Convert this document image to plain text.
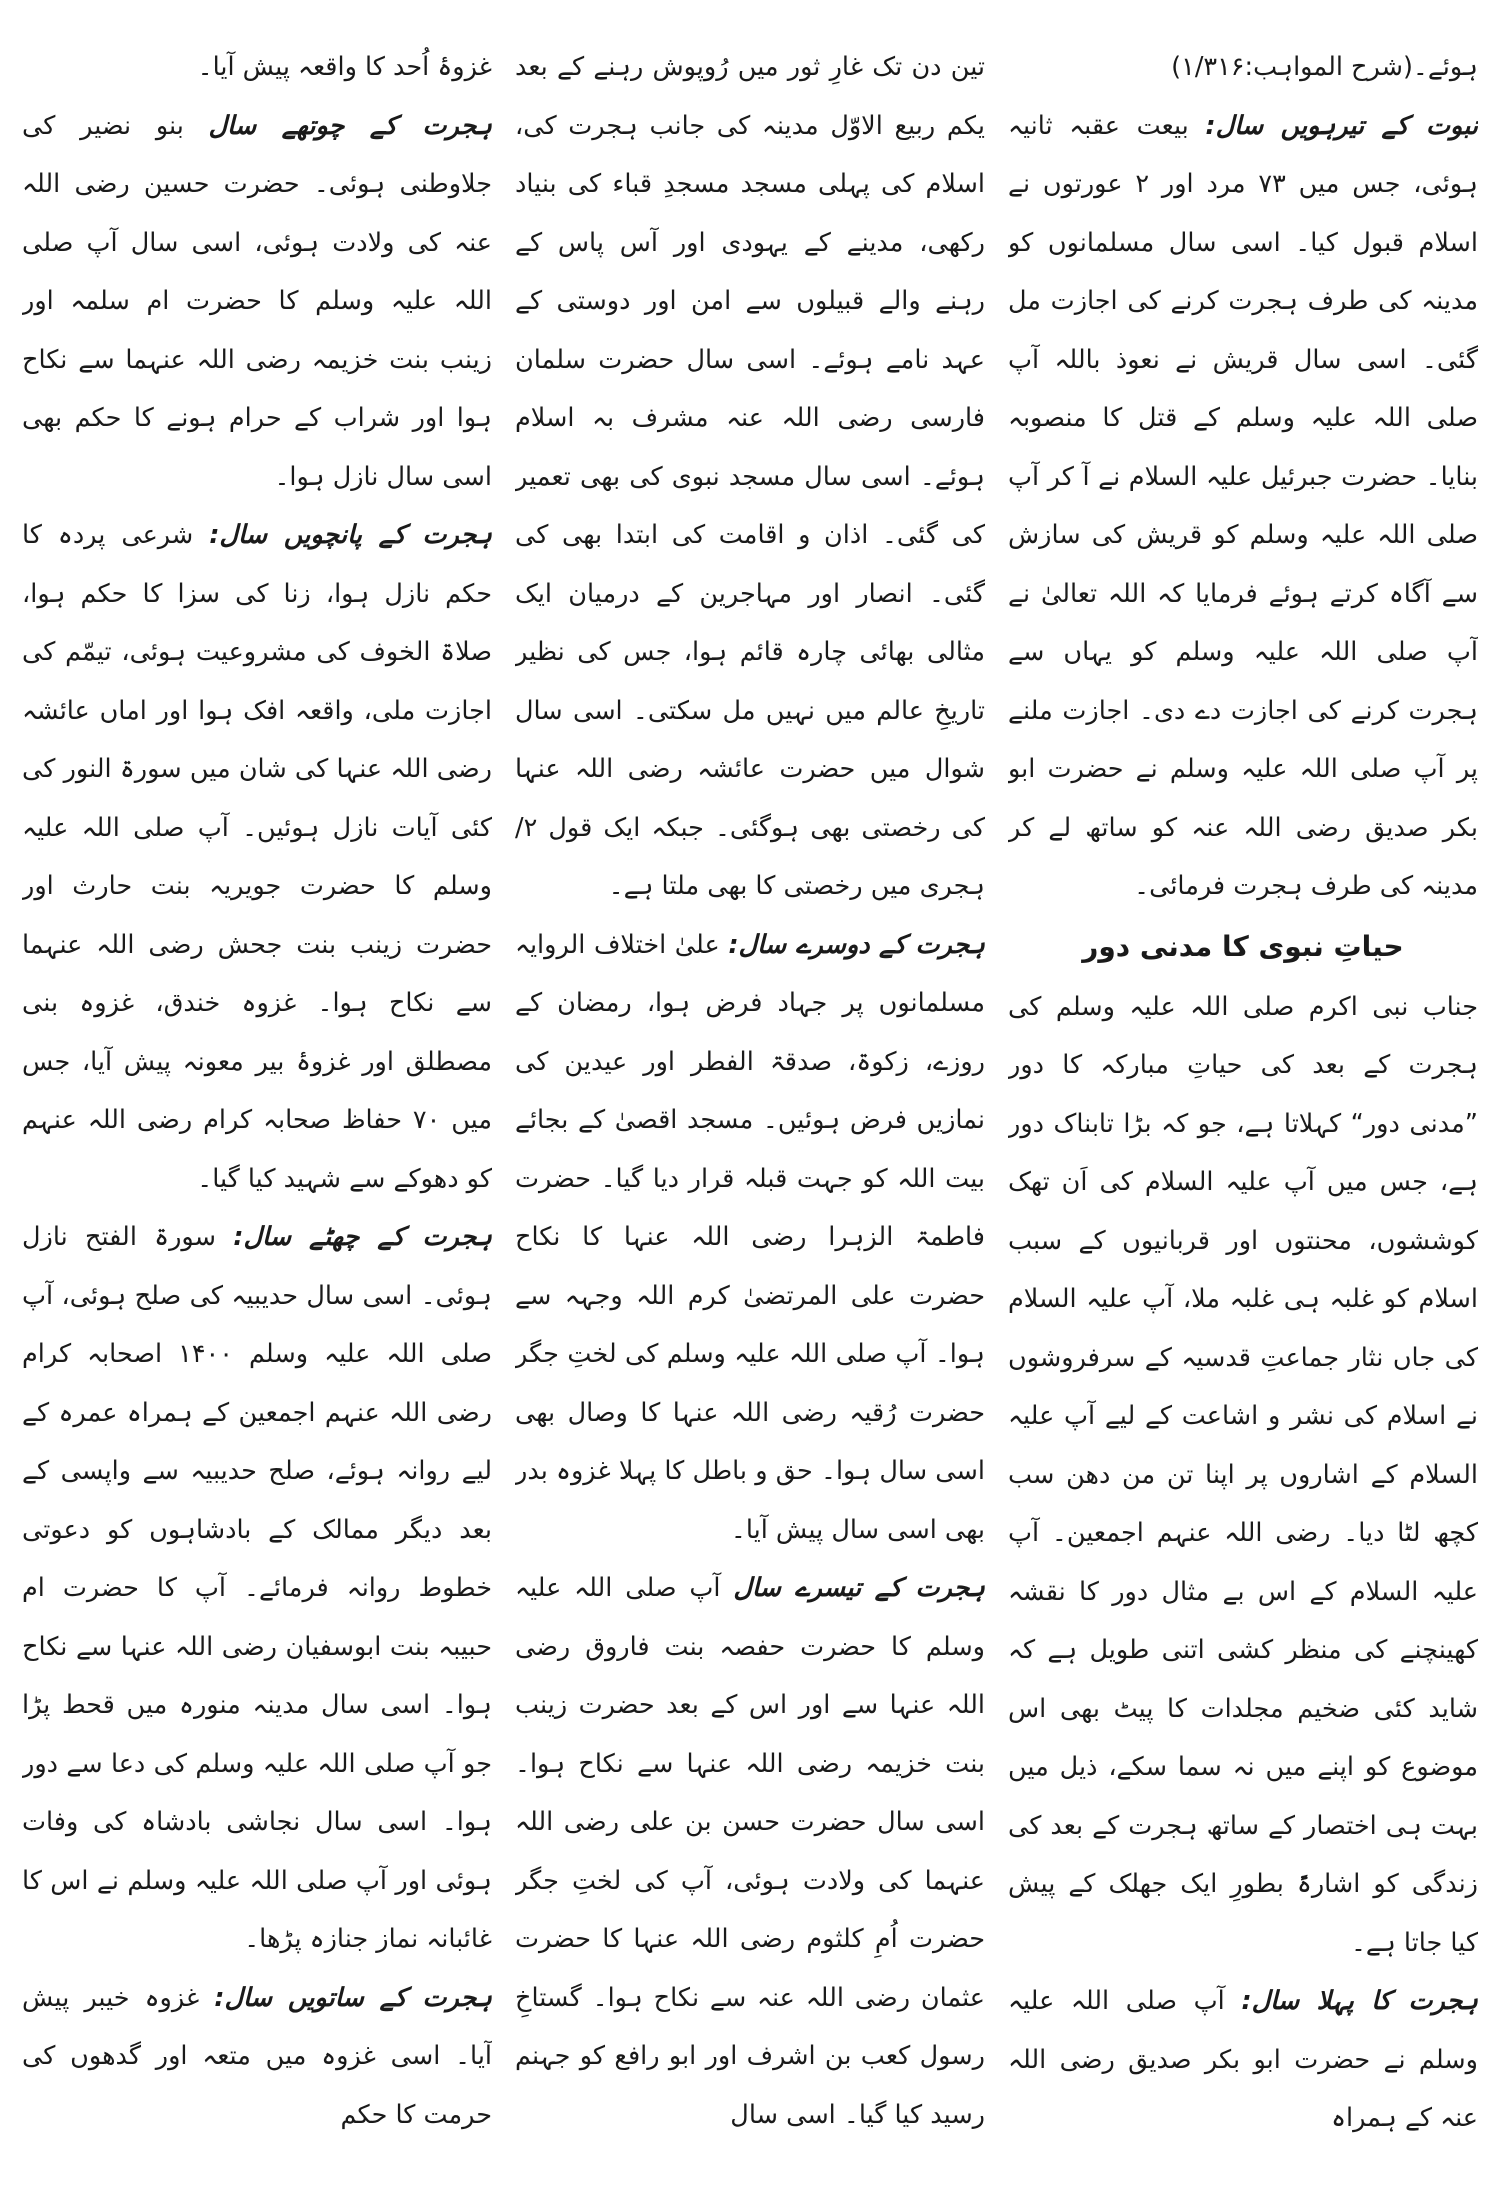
ہوئے۔(شرح المواہب:۱/۳۱۶)

نبوت کے تیرہویں سال: بیعت عقبہ ثانیہ ہوئی، جس میں ۷۳ مرد اور ۲ عورتوں نے اسلام قبول کیا۔ اسی سال مسلمانوں کو مدینہ کی طرف ہجرت کرنے کی اجازت مل گئی۔ اسی سال قریش نے نعوذ باللہ آپ صلی اللہ علیہ وسلم کے قتل کا منصوبہ بنایا۔ حضرت جبرئیل علیہ السلام نے آ کر آپ صلی اللہ علیہ وسلم کو قریش کی سازش سے آگاہ کرتے ہوئے فرمایا کہ اللہ تعالیٰ نے آپ صلی اللہ علیہ وسلم کو یہاں سے ہجرت کرنے کی اجازت دے دی۔ اجازت ملنے پر آپ صلی اللہ علیہ وسلم نے حضرت ابو بکر صدیق رضی اللہ عنہ کو ساتھ لے کر مدینہ کی طرف ہجرت فرمائی۔

حیاتِ نبوی کا مدنی دور

جناب نبی اکرم صلی اللہ علیہ وسلم کی ہجرت کے بعد کی حیاتِ مبارکہ کا دور ”مدنی دور“ کہلاتا ہے، جو کہ بڑا تابناک دور ہے، جس میں آپ علیہ السلام کی اَن تھک کوششوں، محنتوں اور قربانیوں کے سبب اسلام کو غلبہ ہی غلبہ ملا، آپ علیہ السلام کی جاں نثار جماعتِ قدسیہ کے سرفروشوں نے اسلام کی نشر و اشاعت کے لیے آپ علیہ السلام کے اشاروں پر اپنا تن من دھن سب کچھ لٹا دیا۔ رضی اللہ عنہم اجمعین۔ آپ علیہ السلام کے اس بے مثال دور کا نقشہ کھینچنے کی منظر کشی اتنی طویل ہے کہ شاید کئی ضخیم مجلدات کا پیٹ بھی اس موضوع کو اپنے میں نہ سما سکے، ذیل میں بہت ہی اختصار کے ساتھ ہجرت کے بعد کی زندگی کو اشارۃً بطورِ ایک جھلک کے پیش کیا جاتا ہے۔

ہجرت کا پہلا سال: آپ صلی اللہ علیہ وسلم نے حضرت ابو بکر صدیق رضی اللہ عنہ کے ہمراہ

تین دن تک غارِ ثور میں رُوپوش رہنے کے بعد یکم ربیع الاوّل مدینہ کی جانب ہجرت کی، اسلام کی پہلی مسجد مسجدِ قباء کی بنیاد رکھی، مدینے کے یہودی اور آس پاس کے رہنے والے قبیلوں سے امن اور دوستی کے عہد نامے ہوئے۔ اسی سال حضرت سلمان فارسی رضی اللہ عنہ مشرف بہ اسلام ہوئے۔ اسی سال مسجد نبوی کی بھی تعمیر کی گئی۔ اذان و اقامت کی ابتدا بھی کی گئی۔ انصار اور مہاجرین کے درمیان ایک مثالی بھائی چارہ قائم ہوا، جس کی نظیر تاریخِ عالم میں نہیں مل سکتی۔ اسی سال شوال میں حضرت عائشہ رضی اللہ عنہا کی رخصتی بھی ہوگئی۔ جبکہ ایک قول ۲/ہجری میں رخصتی کا بھی ملتا ہے۔

ہجرت کے دوسرے سال: علیٰ اختلاف الروایہ مسلمانوں پر جہاد فرض ہوا، رمضان کے روزے، زکوۃ، صدقۃ الفطر اور عیدین کی نمازیں فرض ہوئیں۔ مسجد اقصیٰ کے بجائے بیت اللہ کو جہت قبلہ قرار دیا گیا۔ حضرت فاطمۃ الزہرا رضی اللہ عنہا کا نکاح حضرت علی المرتضیٰ کرم اللہ وجہہ سے ہوا۔ آپ صلی اللہ علیہ وسلم کی لختِ جگر حضرت رُقیہ رضی اللہ عنہا کا وصال بھی اسی سال ہوا۔ حق و باطل کا پہلا غزوہ بدر بھی اسی سال پیش آیا۔

ہجرت کے تیسرے سال آپ صلی اللہ علیہ وسلم کا حضرت حفصہ بنت فاروق رضی اللہ عنہا سے اور اس کے بعد حضرت زینب بنت خزیمہ رضی اللہ عنہا سے نکاح ہوا۔ اسی سال حضرت حسن بن علی رضی اللہ عنہما کی ولادت ہوئی، آپ کی لختِ جگر حضرت اُمِ کلثوم رضی اللہ عنہا کا حضرت عثمان رضی اللہ عنہ سے نکاح ہوا۔ گستاخِ رسول کعب بن اشرف اور ابو رافع کو جہنم رسید کیا گیا۔ اسی سال

غزوۂ اُحد کا واقعہ پیش آیا۔

ہجرت کے چوتھے سال بنو نضیر کی جلاوطنی ہوئی۔ حضرت حسین رضی اللہ عنہ کی ولادت ہوئی، اسی سال آپ صلی اللہ علیہ وسلم کا حضرت ام سلمہ اور زینب بنت خزیمہ رضی اللہ عنہما سے نکاح ہوا اور شراب کے حرام ہونے کا حکم بھی اسی سال نازل ہوا۔

ہجرت کے پانچویں سال: شرعی پردہ کا حکم نازل ہوا، زنا کی سزا کا حکم ہوا، صلاۃ الخوف کی مشروعیت ہوئی، تیمّم کی اجازت ملی، واقعہ افک ہوا اور اماں عائشہ رضی اللہ عنہا کی شان میں سورۃ النور کی کئی آیات نازل ہوئیں۔ آپ صلی اللہ علیہ وسلم کا حضرت جویریہ بنت حارث اور حضرت زینب بنت جحش رضی اللہ عنہما سے نکاح ہوا۔ غزوہ خندق، غزوہ بنی مصطلق اور غزوۂ بیر معونہ پیش آیا، جس میں ۷۰ حفاظ صحابہ کرام رضی اللہ عنہم کو دھوکے سے شہید کیا گیا۔

ہجرت کے چھٹے سال: سورۃ الفتح نازل ہوئی۔ اسی سال حدیبیہ کی صلح ہوئی، آپ صلی اللہ علیہ وسلم ۱۴۰۰ اصحابہ کرام رضی اللہ عنہم اجمعین کے ہمراہ عمرہ کے لیے روانہ ہوئے، صلح حدیبیہ سے واپسی کے بعد دیگر ممالک کے بادشاہوں کو دعوتی خطوط روانہ فرمائے۔ آپ کا حضرت ام حبیبہ بنت ابوسفیان رضی اللہ عنہا سے نکاح ہوا۔ اسی سال مدینہ منورہ میں قحط پڑا جو آپ صلی اللہ علیہ وسلم کی دعا سے دور ہوا۔ اسی سال نجاشی بادشاہ کی وفات ہوئی اور آپ صلی اللہ علیہ وسلم نے اس کا غائبانہ نماز جنازہ پڑھا۔

ہجرت کے ساتویں سال: غزوہ خیبر پیش آیا۔ اسی غزوہ میں متعہ اور گدھوں کی حرمت کا حکم
